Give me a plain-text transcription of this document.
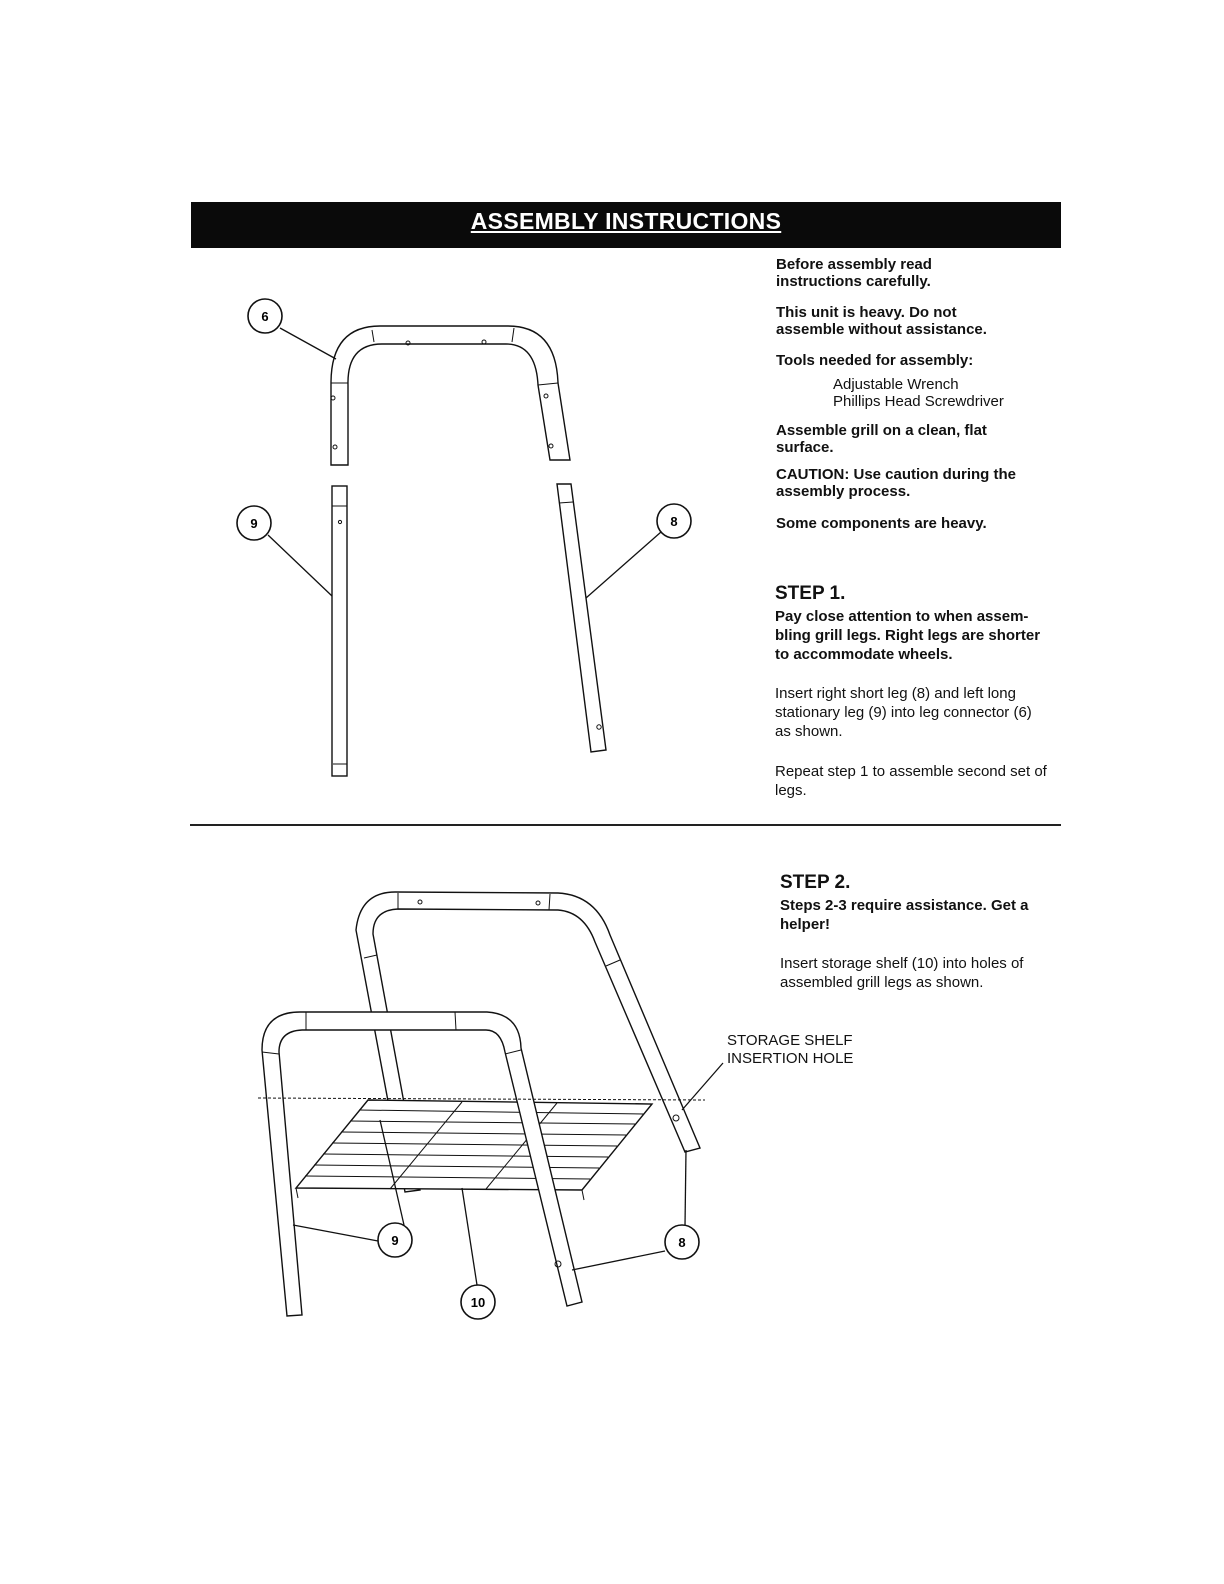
ASSEMBLY INSTRUCTIONS
Before assembly read instructions carefully.
This unit is heavy. Do not assemble without assistance.
Tools needed for assembly:
Adjustable Wrench
Phillips Head Screwdriver
Assemble grill on a clean, flat surface.
CAUTION: Use caution during the assembly process.
Some components are heavy.
STEP 1.
Pay close attention to when assem-bling grill legs. Right legs are shorter to accommodate wheels.
Insert right short leg (8) and left long stationary leg (9) into leg connector (6) as shown.
Repeat step 1 to assemble second set of legs.
STEP 2.
Steps 2-3 require assistance. Get a helper!
Insert storage shelf (10) into holes of assembled grill legs as shown.
STORAGE SHELF
INSERTION HOLE
6
9	8
9
10
8
